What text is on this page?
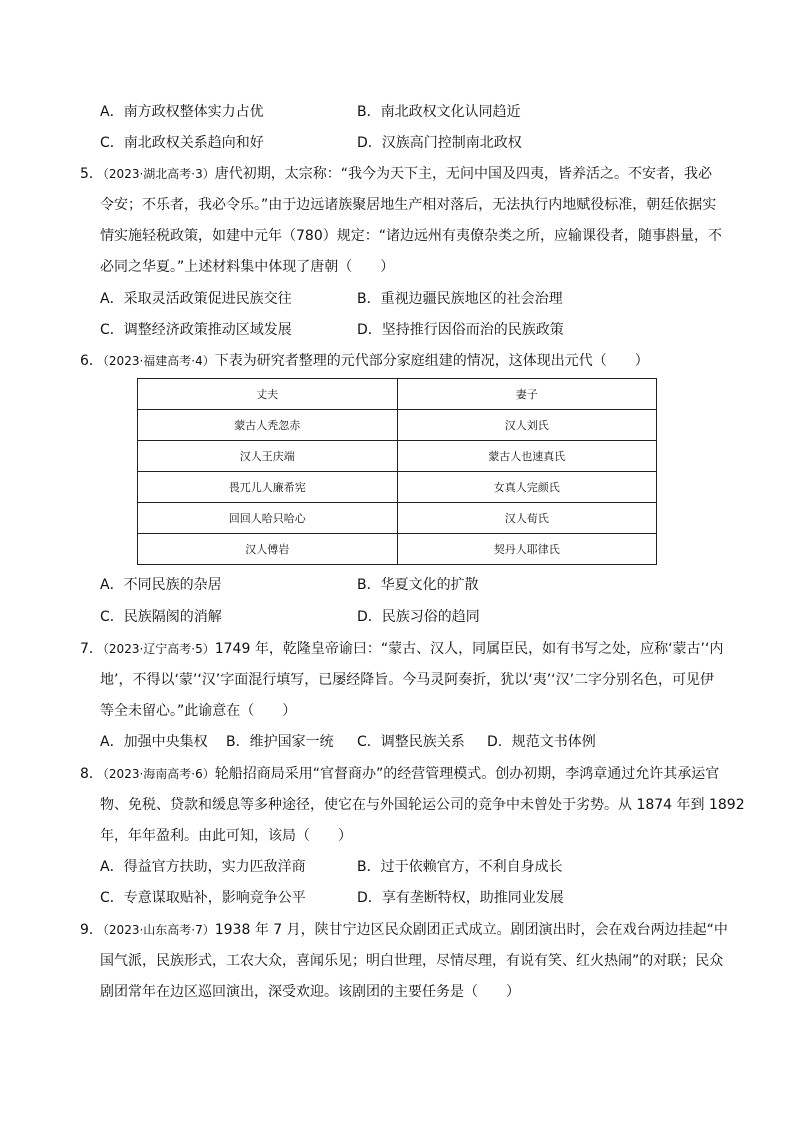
A．南方政权整体实力占优	B．南北政权文化认同趋近
C．南北政权关系趋向和好	D．汉族高门控制南北政权
5．（2023·湖北高考·3）唐代初期，太宗称：“我今为天下主，无问中国及四夷，皆养活之。不安者，我必
令安；不乐者，我必令乐。”由于边远诸族聚居地生产相对落后，无法执行内地赋役标准，朝廷依据实
情实施轻税政策，如建中元年（780）规定：“诸边远州有夷僚杂类之所，应输课役者，随事斟量，不
必同之华夏。”上述材料集中体现了唐朝（　　）
A．采取灵活政策促进民族交往	B．重视边疆民族地区的社会治理
C．调整经济政策推动区域发展	D．坚持推行因俗而治的民族政策
6．（2023·福建高考·4）下表为研究者整理的元代部分家庭组建的情况，这体现出元代（　　）
丈夫	妻子
蒙古人秃忽赤	汉人刘氏
汉人王庆端	蒙古人也速真氏
畏兀儿人廉希宪	女真人完颜氏
回回人哈只哈心	汉人荀氏
汉人傅岩	契丹人耶律氏
A．不同民族的杂居	B．华夏文化的扩散
C．民族隔阂的消解	D．民族习俗的趋同
7．（2023·辽宁高考·5）1749 年，乾隆皇帝谕曰：“蒙古、汉人，同属臣民，如有书写之处，应称‘蒙古’‘内
地’，不得以‘蒙’‘汉’字面混行填写，已屡经降旨。今马灵阿奏折，犹以‘夷’‘汉’二字分别名色，可见伊
等全未留心。”此谕意在（　　）
A．加强中央集权 B．维护国家一统 C．调整民族关系 D．规范文书体例
8．（2023·海南高考·6）轮船招商局采用“官督商办”的经营管理模式。创办初期，李鸿章通过允许其承运官
物、免税、贷款和缓息等多种途径，使它在与外国轮运公司的竞争中未曾处于劣势。从 1874 年到 1892
年，年年盈利。由此可知，该局（　　）
A．得益官方扶助，实力匹敌洋商	B．过于依赖官方，不利自身成长
C．专意谋取贴补，影响竞争公平	D．享有垄断特权，助推同业发展
9．（2023·山东高考·7）1938 年 7 月，陕甘宁边区民众剧团正式成立。剧团演出时，会在戏台两边挂起“中
国气派，民族形式，工农大众，喜闻乐见；明白世理，尽情尽理，有说有笑、红火热闹”的对联；民众
剧团常年在边区巡回演出，深受欢迎。该剧团的主要任务是（　　）
